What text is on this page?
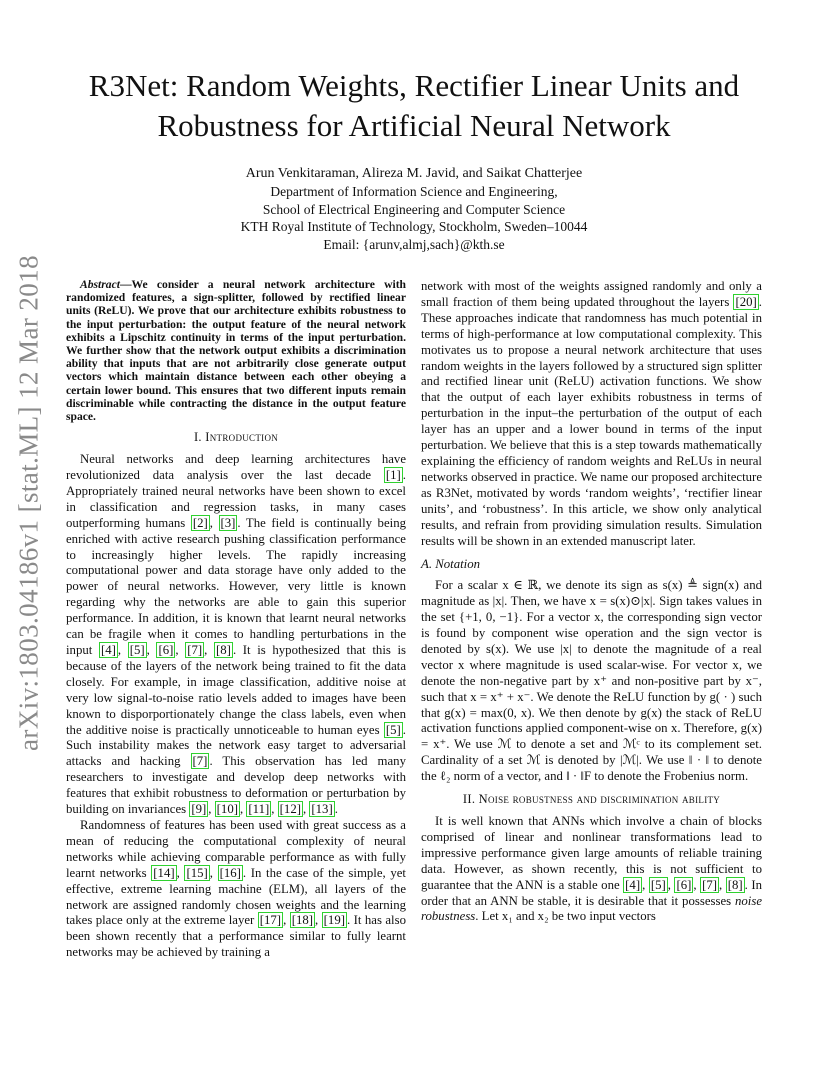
R3Net: Random Weights, Rectifier Linear Units and
Robustness for Artificial Neural Network
Arun Venkitaraman, Alireza M. Javid, and Saikat Chatterjee
Department of Information Science and Engineering,
School of Electrical Engineering and Computer Science
KTH Royal Institute of Technology, Stockholm, Sweden–10044
Email: {arunv,almj,sach}@kth.se
arXiv:1803.04186v1 [stat.ML] 12 Mar 2018	Abstract—We consider a neural network architecture with randomized features, a sign-splitter, followed by rectified linear units (ReLU). We prove that our architecture exhibits robustness to the input perturbation: the output feature of the neural network exhibits a Lipschitz continuity in terms of the input perturbation. We further show that the network output exhibits a discrimination ability that inputs that are not arbitrarily close generate output vectors which maintain distance between each other obeying a certain lower bound. This ensures that two different inputs remain discriminable while contracting the distance in the output feature space.

I. Introduction

Neural networks and deep learning architectures have revolutionized data analysis over the last decade [1] . Appropriately trained neural networks have been shown to excel in classification and regression tasks, in many cases outperforming humans [2] , [3] . The field is continually being enriched with active research pushing classification performance to increasingly higher levels. The rapidly increasing computational power and data storage have only added to the power of neural networks. However, very little is known regarding why the networks are able to gain this superior performance. In addition, it is known that learnt neural networks can be fragile when it comes to handling perturbations in the input [4] , [5] , [6] , [7] , [8] . It is hypothesized that this is because of the layers of the network being trained to fit the data closely. For example, in image classification, additive noise at very low signal-to-noise ratio levels added to images have been known to disporportionately change the class labels, even when the additive noise is practically unnoticeable to human eyes [5] . Such instability makes the network easy target to adversarial attacks and hacking [7] . This observation has led many researchers to investigate and develop deep networks with features that exhibit robustness to deformation or perturbation by building on invariances [9] , [10] , [11] , [12] , [13] .

Randomness of features has been used with great success as a mean of reducing the computational complexity of neural networks while achieving comparable performance as with fully learnt networks [14] , [15] , [16] . In the case of the simple, yet effective, extreme learning machine (ELM), all layers of the network are assigned randomly chosen weights and the learning takes place only at the extreme layer [17] , [18] , [19] . It has also been shown recently that a performance similar to fully learnt networks may be achieved by training a

network with most of the weights assigned randomly and only a small fraction of them being updated throughout the layers [20] . These approaches indicate that randomness has much potential in terms of high-performance at low computational complexity. This motivates us to propose a neural network architecture that uses random weights in the layers followed by a structured sign splitter and rectified linear unit (ReLU) activation functions. We show that the output of each layer exhibits robustness in terms of perturbation in the input–the perturbation of the output of each layer has an upper and a lower bound in terms of the input perturbation. We believe that this is a step towards mathematically explaining the efficiency of random weights and ReLUs in neural networks observed in practice. We name our proposed architecture as R3Net, motivated by words ‘random weights’, ‘rectifier linear units’, and ‘robustness’. In this article, we show only analytical results, and refrain from providing simulation results. Simulation results will be shown in an extended manuscript later.

A. Notation

For a scalar x ∈ ℝ, we denote its sign as s(x) ≜ sign(x) and magnitude as |x|. Then, we have x = s(x)⊙|x|. Sign takes values in the set {+1, 0, −1}. For a vector x, the corresponding sign vector is found by component wise operation and the sign vector is denoted by s(x). We use |x| to denote the magnitude of a real vector x where magnitude is used scalar-wise. For vector x, we denote the non-negative part by x⁺ and non-positive part by x⁻, such that x = x⁺ + x⁻. We denote the ReLU function by g( · ) such that g(x) = max(0, x). We then denote by g(x) the stack of ReLU activation functions applied component-wise on x. Therefore, g(x) = x⁺. We use ℳ to denote a set and ℳᶜ to its complement set. Cardinality of a set ℳ is denoted by |ℳ|. We use ‖ · ‖ to denote the ℓ₂ norm of a vector, and ‖ · ‖F to denote the Frobenius norm.

II. Noise robustness and discrimination ability

It is well known that ANNs which involve a chain of blocks comprised of linear and nonlinear transformations lead to impressive performance given large amounts of reliable training data. However, as shown recently, this is not sufficient to guarantee that the ANN is a stable one [4] , [5] , [6] , [7] , [8] . In order that an ANN be stable, it is desirable that it possesses noise robustness. Let x₁ and x₂ be two input vectors
